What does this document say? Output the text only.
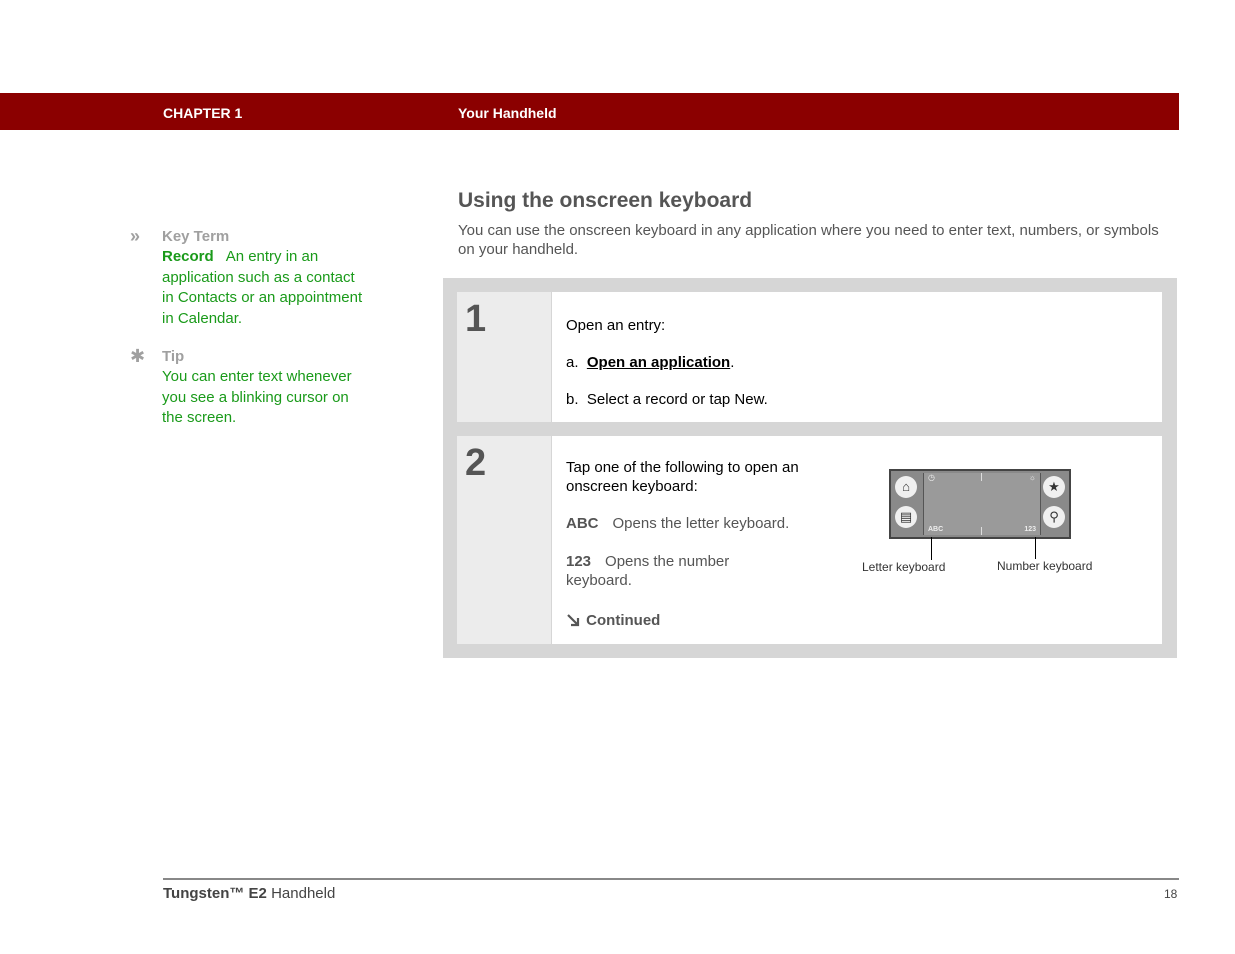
CHAPTER 1	Your Handheld
» Key Term
Record An entry in an application such as a contact in Contacts or an appointment in Calendar.
✱ Tip
You can enter text whenever you see a blinking cursor on the screen.
Using the onscreen keyboard
You can use the onscreen keyboard in any application where you need to enter text, numbers, or symbols on your handheld.
1	Open an entry:
a. Open an application.
b. Select a record or tap New.
2	Tap one of the following to open an onscreen keyboard:
ABC Opens the letter keyboard.
123 Opens the number keyboard.
Continued
⌂
▤
◷	☼
ABC	123
★
⚲
Letter keyboard	Number keyboard
Tungsten™ E2 Handheld	18
